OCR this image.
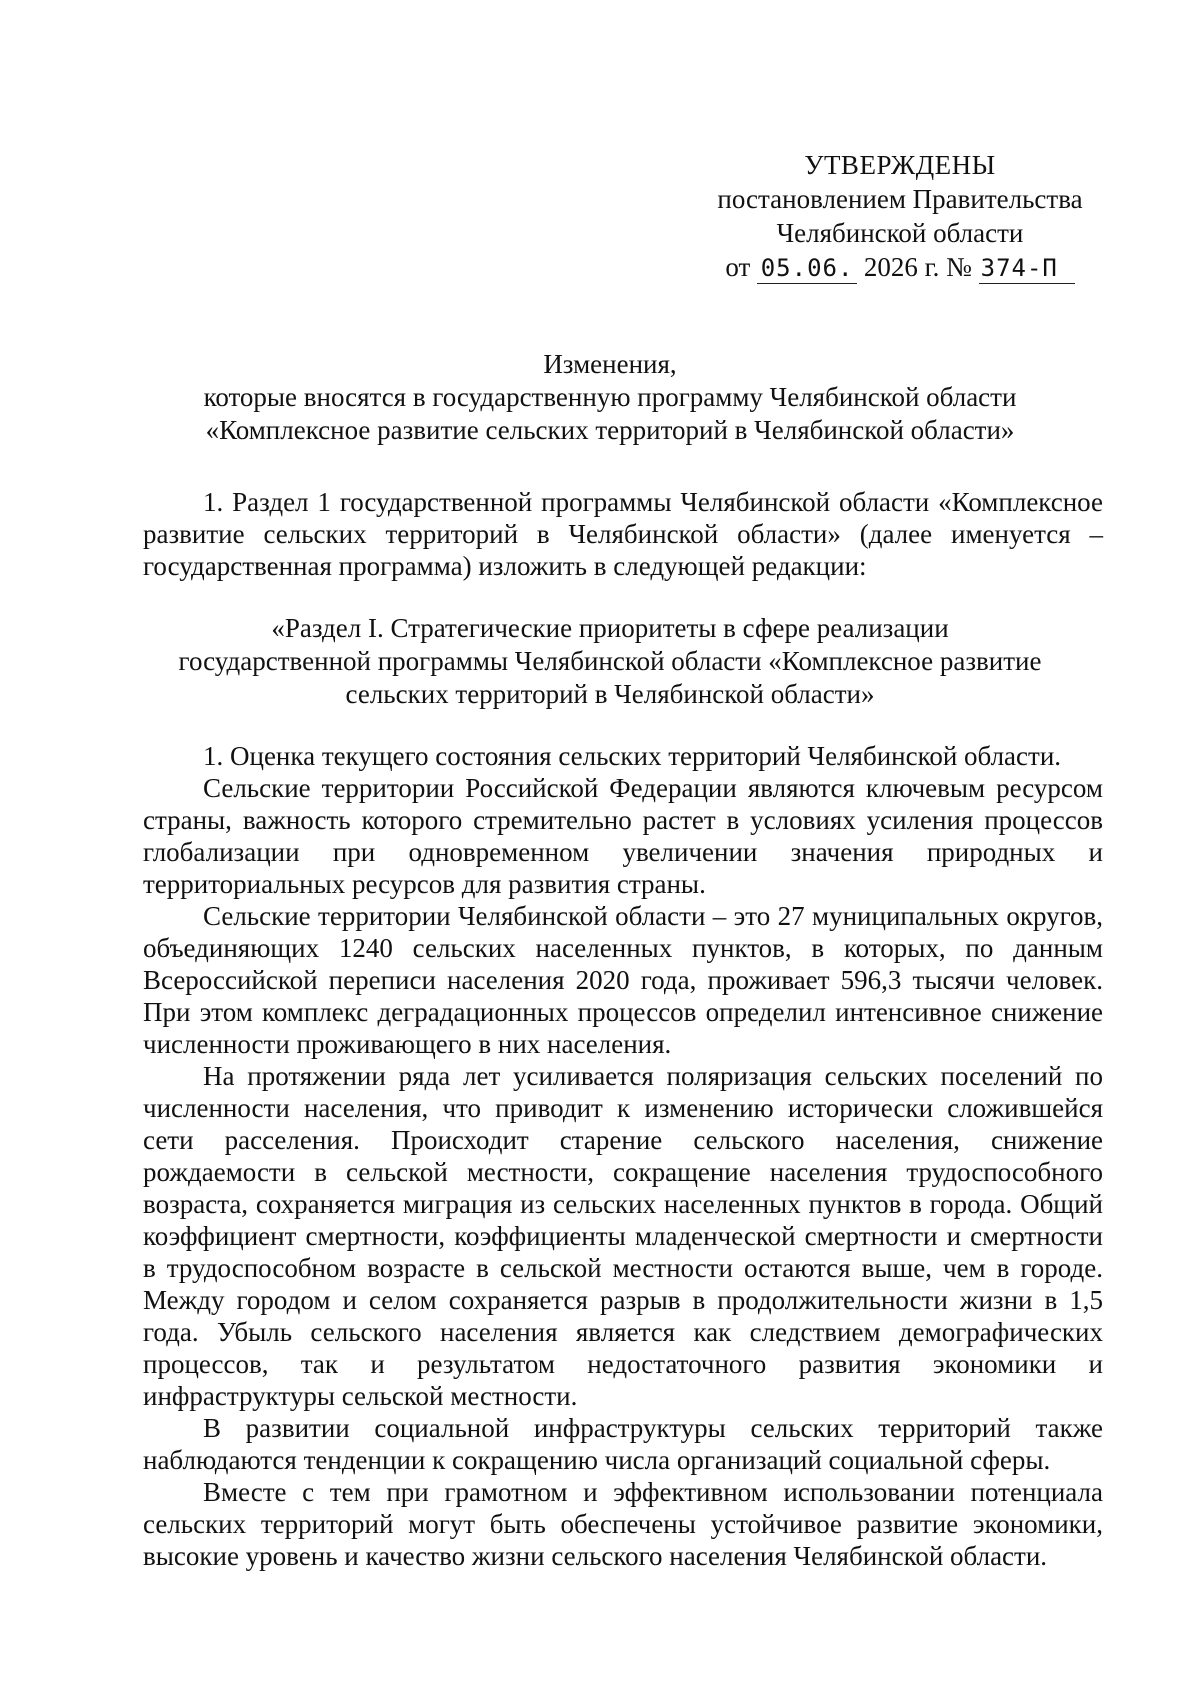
УТВЕРЖДЕНЫ
постановлением Правительства
Челябинской области
от 05.06. 2026 г. № 374-П
Изменения,
которые вносятся в государственную программу Челябинской области
«Комплексное развитие сельских территорий в Челябинской области»

1. Раздел 1 государственной программы Челябинской области «Комплексное развитие сельских территорий в Челябинской области» (далее именуется – государственная программа) изложить в следующей редакции:

«Раздел I. Стратегические приоритеты в сфере реализации
государственной программы Челябинской области «Комплексное развитие
сельских территорий в Челябинской области»

1. Оценка текущего состояния сельских территорий Челябинской области.

Сельские территории Российской Федерации являются ключевым ресурсом страны, важность которого стремительно растет в условиях усиления процессов глобализации при одновременном увеличении значения природных и территориальных ресурсов для развития страны.

Сельские территории Челябинской области – это 27 муниципальных округов, объединяющих 1240 сельских населенных пунктов, в которых, по данным Всероссийской переписи населения 2020 года, проживает 596,3 тысячи человек. При этом комплекс деградационных процессов определил интенсивное снижение численности проживающего в них населения.

На протяжении ряда лет усиливается поляризация сельских поселений по численности населения, что приводит к изменению исторически сложившейся сети расселения. Происходит старение сельского населения, снижение рождаемости в сельской местности, сокращение населения трудоспособного возраста, сохраняется миграция из сельских населенных пунктов в города. Общий коэффициент смертности, коэффициенты младенческой смертности и смертности в трудоспособном возрасте в сельской местности остаются выше, чем в городе. Между городом и селом сохраняется разрыв в продолжительности жизни в 1,5 года. Убыль сельского населения является как следствием демографических процессов, так и результатом недостаточного развития экономики и инфраструктуры сельской местности.

В развитии социальной инфраструктуры сельских территорий также наблюдаются тенденции к сокращению числа организаций социальной сферы.

Вместе с тем при грамотном и эффективном использовании потенциала сельских территорий могут быть обеспечены устойчивое развитие экономики, высокие уровень и качество жизни сельского населения Челябинской области.
